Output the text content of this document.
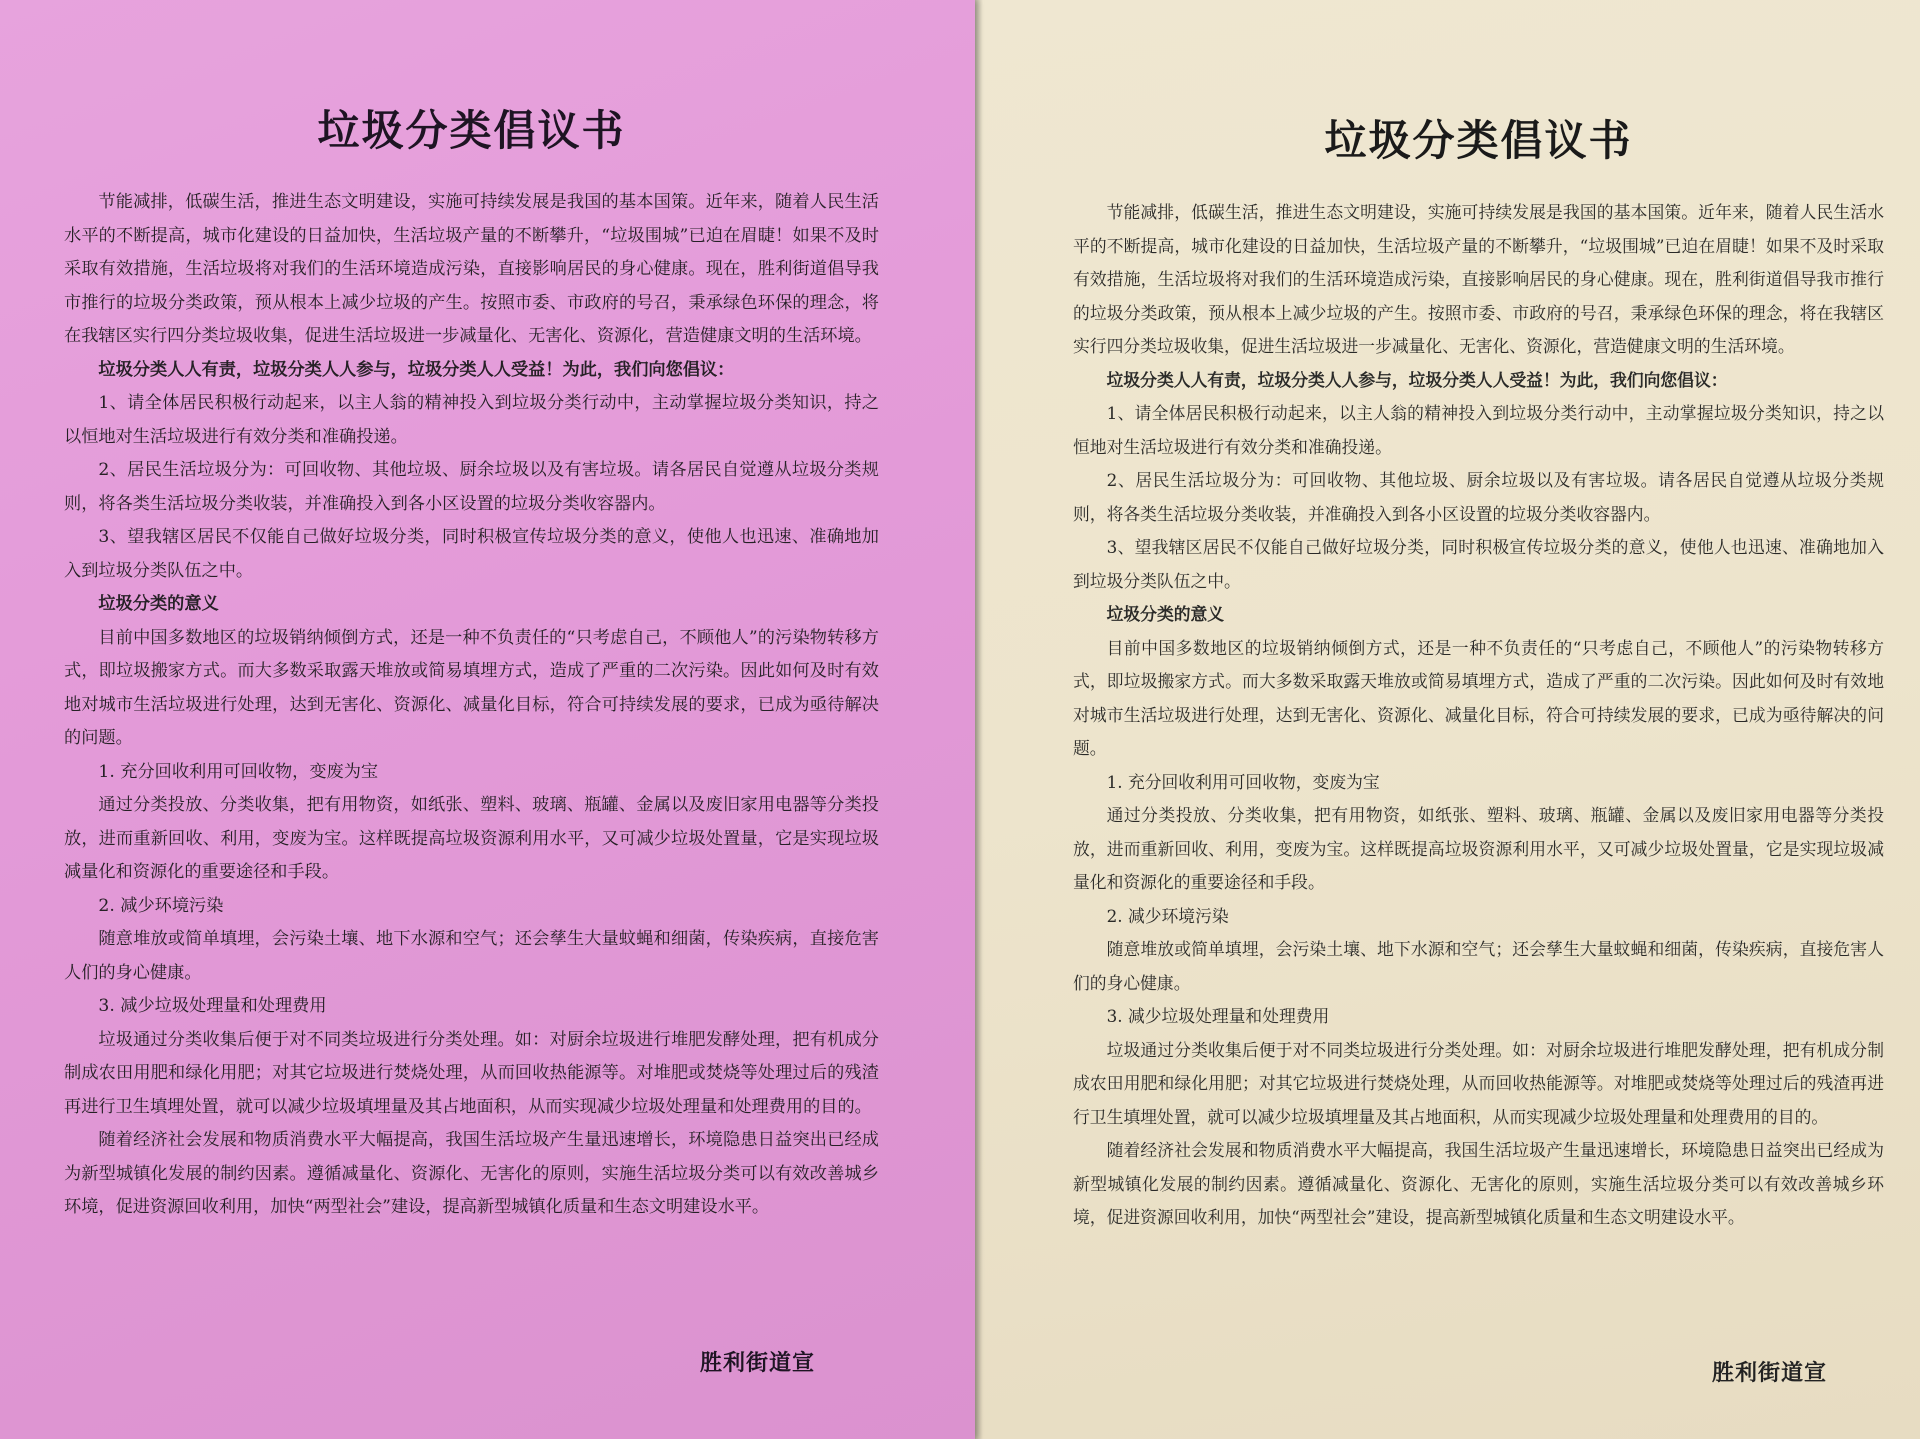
垃圾分类倡议书

节能减排，低碳生活，推进生态文明建设，实施可持续发展是我国的基本国策。近年来，随着人民生活水平的不断提高，城市化建设的日益加快，生活垃圾产量的不断攀升，“垃圾围城”已迫在眉睫！如果不及时采取有效措施，生活垃圾将对我们的生活环境造成污染，直接影响居民的身心健康。现在，胜利街道倡导我市推行的垃圾分类政策，预从根本上减少垃圾的产生。按照市委、市政府的号召，秉承绿色环保的理念，将在我辖区实行四分类垃圾收集，促进生活垃圾进一步减量化、无害化、资源化，营造健康文明的生活环境。

垃圾分类人人有责，垃圾分类人人参与，垃圾分类人人受益！为此，我们向您倡议：

1、请全体居民积极行动起来，以主人翁的精神投入到垃圾分类行动中，主动掌握垃圾分类知识，持之以恒地对生活垃圾进行有效分类和准确投递。

2、居民生活垃圾分为：可回收物、其他垃圾、厨余垃圾以及有害垃圾。请各居民自觉遵从垃圾分类规则，将各类生活垃圾分类收装，并准确投入到各小区设置的垃圾分类收容器内。

3、望我辖区居民不仅能自己做好垃圾分类，同时积极宣传垃圾分类的意义，使他人也迅速、准确地加入到垃圾分类队伍之中。

垃圾分类的意义

目前中国多数地区的垃圾销纳倾倒方式，还是一种不负责任的“只考虑自己，不顾他人”的污染物转移方式，即垃圾搬家方式。而大多数采取露天堆放或简易填埋方式，造成了严重的二次污染。因此如何及时有效地对城市生活垃圾进行处理，达到无害化、资源化、减量化目标，符合可持续发展的要求，已成为亟待解决的问题。

1. 充分回收利用可回收物，变废为宝

通过分类投放、分类收集，把有用物资，如纸张、塑料、玻璃、瓶罐、金属以及废旧家用电器等分类投放，进而重新回收、利用，变废为宝。这样既提高垃圾资源利用水平，又可减少垃圾处置量，它是实现垃圾减量化和资源化的重要途径和手段。

2. 减少环境污染

随意堆放或简单填埋，会污染土壤、地下水源和空气；还会孳生大量蚊蝇和细菌，传染疾病，直接危害人们的身心健康。

3. 减少垃圾处理量和处理费用

垃圾通过分类收集后便于对不同类垃圾进行分类处理。如：对厨余垃圾进行堆肥发酵处理，把有机成分制成农田用肥和绿化用肥；对其它垃圾进行焚烧处理，从而回收热能源等。对堆肥或焚烧等处理过后的残渣再进行卫生填埋处置，就可以减少垃圾填埋量及其占地面积，从而实现减少垃圾处理量和处理费用的目的。

随着经济社会发展和物质消费水平大幅提高，我国生活垃圾产生量迅速增长，环境隐患日益突出已经成为新型城镇化发展的制约因素。遵循减量化、资源化、无害化的原则，实施生活垃圾分类可以有效改善城乡环境，促进资源回收利用，加快“两型社会”建设，提高新型城镇化质量和生态文明建设水平。

胜利街道宣
垃圾分类倡议书

节能减排，低碳生活，推进生态文明建设，实施可持续发展是我国的基本国策。近年来，随着人民生活水平的不断提高，城市化建设的日益加快，生活垃圾产量的不断攀升，“垃圾围城”已迫在眉睫！如果不及时采取有效措施，生活垃圾将对我们的生活环境造成污染，直接影响居民的身心健康。现在，胜利街道倡导我市推行的垃圾分类政策，预从根本上减少垃圾的产生。按照市委、市政府的号召，秉承绿色环保的理念，将在我辖区实行四分类垃圾收集，促进生活垃圾进一步减量化、无害化、资源化，营造健康文明的生活环境。

垃圾分类人人有责，垃圾分类人人参与，垃圾分类人人受益！为此，我们向您倡议：

1、请全体居民积极行动起来，以主人翁的精神投入到垃圾分类行动中，主动掌握垃圾分类知识，持之以恒地对生活垃圾进行有效分类和准确投递。

2、居民生活垃圾分为：可回收物、其他垃圾、厨余垃圾以及有害垃圾。请各居民自觉遵从垃圾分类规则，将各类生活垃圾分类收装，并准确投入到各小区设置的垃圾分类收容器内。

3、望我辖区居民不仅能自己做好垃圾分类，同时积极宣传垃圾分类的意义，使他人也迅速、准确地加入到垃圾分类队伍之中。

垃圾分类的意义

目前中国多数地区的垃圾销纳倾倒方式，还是一种不负责任的“只考虑自己，不顾他人”的污染物转移方式，即垃圾搬家方式。而大多数采取露天堆放或简易填埋方式，造成了严重的二次污染。因此如何及时有效地对城市生活垃圾进行处理，达到无害化、资源化、减量化目标，符合可持续发展的要求，已成为亟待解决的问题。

1. 充分回收利用可回收物，变废为宝

通过分类投放、分类收集，把有用物资，如纸张、塑料、玻璃、瓶罐、金属以及废旧家用电器等分类投放，进而重新回收、利用，变废为宝。这样既提高垃圾资源利用水平，又可减少垃圾处置量，它是实现垃圾减量化和资源化的重要途径和手段。

2. 减少环境污染

随意堆放或简单填埋，会污染土壤、地下水源和空气；还会孳生大量蚊蝇和细菌，传染疾病，直接危害人们的身心健康。

3. 减少垃圾处理量和处理费用

垃圾通过分类收集后便于对不同类垃圾进行分类处理。如：对厨余垃圾进行堆肥发酵处理，把有机成分制成农田用肥和绿化用肥；对其它垃圾进行焚烧处理，从而回收热能源等。对堆肥或焚烧等处理过后的残渣再进行卫生填埋处置，就可以减少垃圾填埋量及其占地面积，从而实现减少垃圾处理量和处理费用的目的。

随着经济社会发展和物质消费水平大幅提高，我国生活垃圾产生量迅速增长，环境隐患日益突出已经成为新型城镇化发展的制约因素。遵循减量化、资源化、无害化的原则，实施生活垃圾分类可以有效改善城乡环境，促进资源回收利用，加快“两型社会”建设，提高新型城镇化质量和生态文明建设水平。

胜利街道宣
